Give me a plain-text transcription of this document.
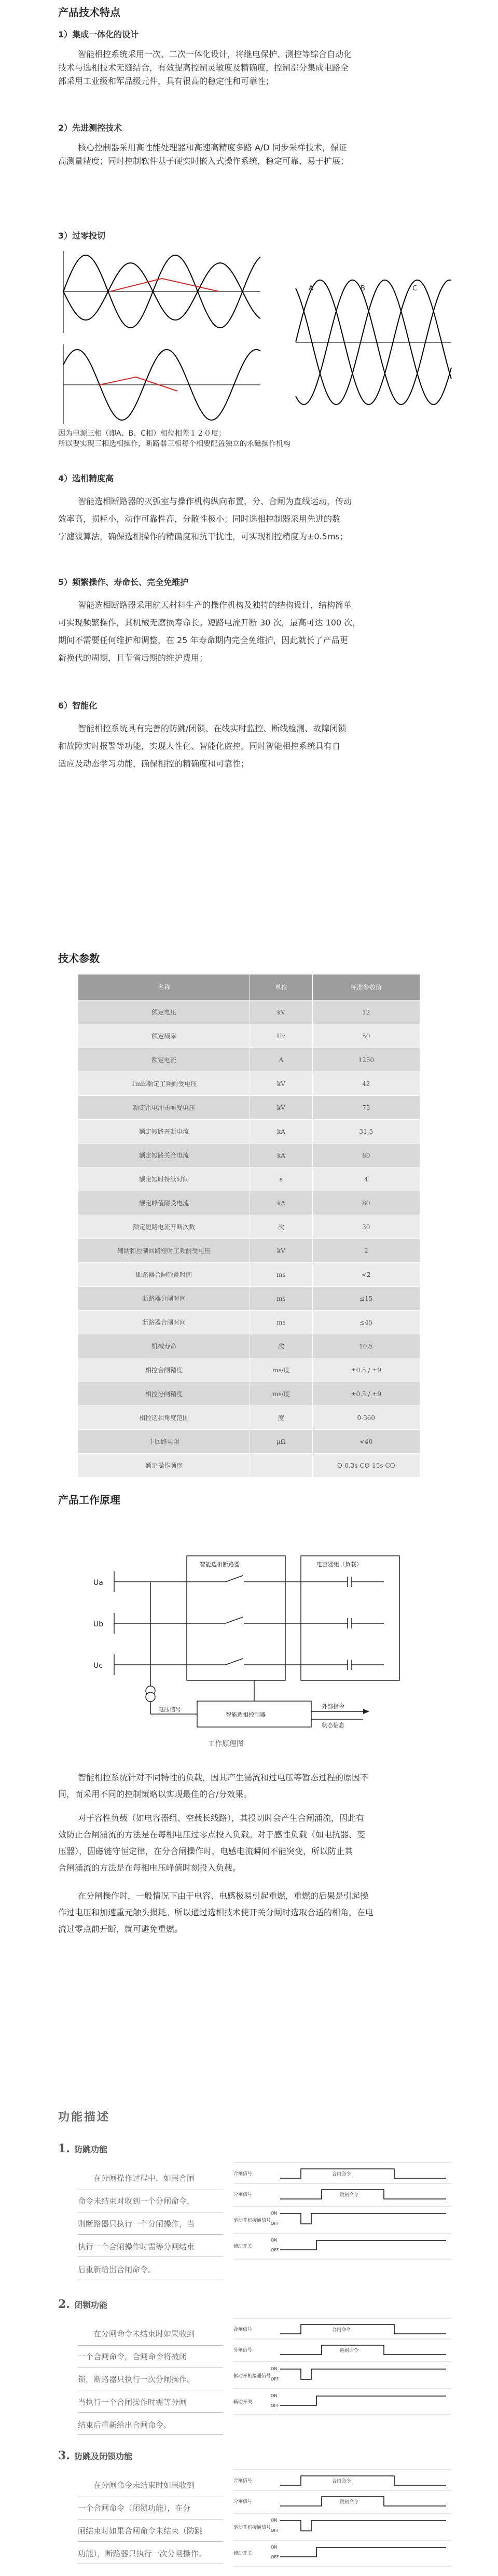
产品技术特点
1）集成一体化的设计

智能相控系统采用一次、二次一体化设计，将继电保护、测控等综合自动化
技术与选相技术无缝结合，有效提高控制灵敏度及精确度，控制部分集成电路全
部采用工业级和军品级元件，具有很高的稳定性和可靠性；

2）先进测控技术

核心控制器采用高性能处理器和高速高精度多路 A/D 同步采样技术，保证
高测量精度；同时控制软件基于硬实时嵌入式操作系统，稳定可靠、易于扩展；

3）过零投切
A	B	C

因为电源三相（即A、B、C相）相位相差１２０度；
所以要实现三相选相操作，断路器三相每个相要配置独立的永磁操作机构

4）选相精度高

智能选相断路器的灭弧室与操作机构纵向布置，分、合闸为直线运动，传动
效率高，损耗小，动作可靠性高，分散性极小；同时选相控制器采用先进的数
字滤波算法，确保选相操作的精确度和抗干扰性，可实现相控精度为±0.5ms；

5）频繁操作、寿命长、完全免维护

智能选相断路器采用航天材料生产的操作机构及独特的结构设计，结构简单
可实现频繁操作，其机械无磨损寿命长。短路电流开断 30 次，最高可达 100 次，
期间不需要任何维护和调整，在 25 年寿命期内完全免维护，因此就长了产品更
新换代的周期，且节省后期的维护费用；

6）智能化

智能相控系统具有完善的防跳/闭锁、在线实时监控、断线检测、故障闭锁
和故障实时报警等功能，实现人性化、智能化监控，同时智能相控系统具有自
适应及动态学习功能，确保相控的精确度和可靠性；

技术参数
名称	单位	标准参数值
额定电压	kV	12
额定频率	Hz	50
额定电流	A	1250
1min额定工频耐受电压	kV	42
额定雷电冲击耐受电压	kV	75
额定短路开断电流	kA	31.5
额定短路关合电流	kA	80
额定短时持续时间	s	4
额定峰值耐受电流	kA	80
额定短路电流开断次数	次	30
辅助和控制回路短时工频耐受电压	kV	2
断路器合闸弹跳时间	ms	<2
断路器分闸时间	ms	≤15
断路器合闸时间	ms	≤45
机械寿命	次	10万
相控合闸精度	ms/度	±0.5 / ±9
相控分闸精度	ms/度	±0.5 / ±9
相控选相角度范围	度	0-360
主回路电阻	μΩ	<40
额定操作顺序		O-0.3s-CO-15s-CO
产品工作原理
Ua
Ub
Uc
智能选相断路器	电容器组（负载）
智能选相控制器
电压信号	外部指令
状态信息

工作原理图

智能相控系统针对不同特性的负载，因其产生涌流和过电压等暂态过程的原因不
同，而采用不同的控制策略以实现最佳的合/分效果。

对于容性负载（如电容器组、空载长线路），其投切时会产生合闸涌流，因此有
效防止合闸涌流的方法是在每相电压过零点投入负载。对于感性负载（如电抗器、变
压器），因磁链守恒定律，在分合闸操作时，电感电流瞬间不能突变，所以防止其
合闸涌流的方法是在每相电压峰值时刻投入负载。

在分闸操作时，一般情况下由于电容、电感极易引起重燃，重燃的后果是引起操
作过电压和加速重元触头损耗。所以通过选相技术使开关分闸时选取合适的相角，在电
流过零点前开断，就可避免重燃。

功能描述
1. 防跳功能

在分闸操作过程中，如果合闸
命令未结束对收到一个分闸命令，
则断路器只执行一个分闸操作，当
执行一个合闸操作时需等分闸结束
后重新给出合闸命令。

合闸信号
分闸信号
驱动开机接通信号
辅助开关
合闸命令
跳闸命令
ON
OFF
ON
OFF
2. 闭锁功能

在分闸命令未结束时如果收到
一个合闸命令，合闸命令将被闭
锁，断路器只执行一次分闸操作。
当执行一个合闸操作时需等分闸
结束后重新给出合闸命令。

合闸信号
分闸信号
驱动开机接通信号
辅助开关
合闸命令
跳闸命令
ON
OFF
ON
OFF
3. 防跳及闭锁功能

在分闸命令未结束时如果收到
一个合闸命令（闭锁功能），在分
闸结束时如果合闸命令未结束（防跳
功能），断路器只执行一次分闸操作。

合闸信号
分闸信号
驱动开机接通信号
辅助开关
合闸命令
跳闸命令
ON
OFF
ON
OFF
